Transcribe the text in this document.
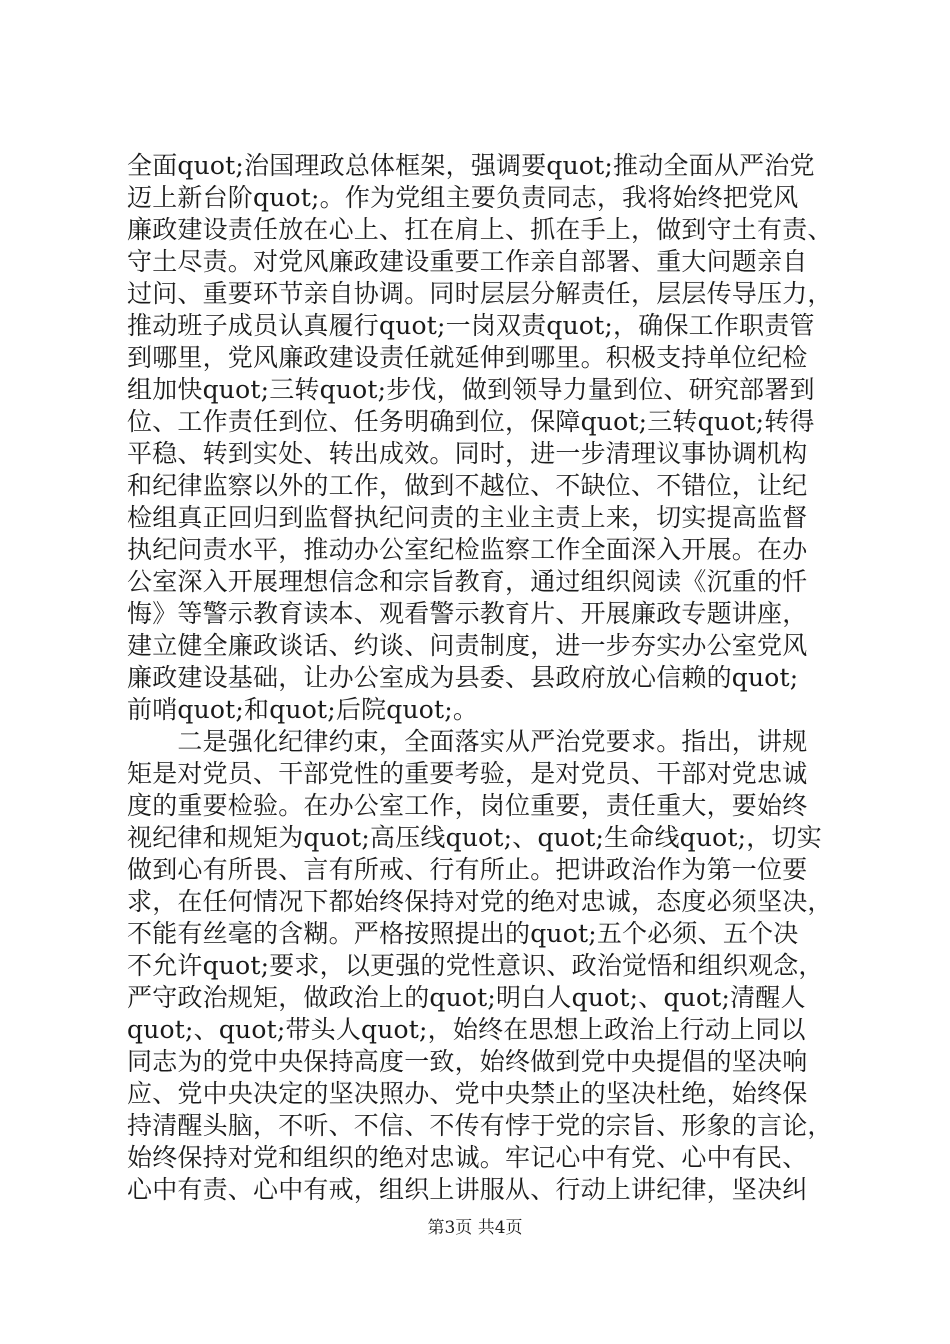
全面quot;治国理政总体框架，强调要quot;推动全面从严治党
迈上新台阶quot;。作为党组主要负责同志，我将始终把党风
廉政建设责任放在心上、扛在肩上、抓在手上，做到守土有责、
守土尽责。对党风廉政建设重要工作亲自部署、重大问题亲自
过问、重要环节亲自协调。同时层层分解责任，层层传导压力，
推动班子成员认真履行quot;一岗双责quot;，确保工作职责管
到哪里，党风廉政建设责任就延伸到哪里。积极支持单位纪检
组加快quot;三转quot;步伐，做到领导力量到位、研究部署到
位、工作责任到位、任务明确到位，保障quot;三转quot;转得
平稳、转到实处、转出成效。同时，进一步清理议事协调机构
和纪律监察以外的工作，做到不越位、不缺位、不错位，让纪
检组真正回归到监督执纪问责的主业主责上来，切实提高监督
执纪问责水平，推动办公室纪检监察工作全面深入开展。在办
公室深入开展理想信念和宗旨教育，通过组织阅读《沉重的忏
悔》等警示教育读本、观看警示教育片、开展廉政专题讲座，
建立健全廉政谈话、约谈、问责制度，进一步夯实办公室党风
廉政建设基础，让办公室成为县委、县政府放心信赖的quot;
前哨quot;和quot;后院quot;。
　　二是强化纪律约束，全面落实从严治党要求。指出，讲规
矩是对党员、干部党性的重要考验，是对党员、干部对党忠诚
度的重要检验。在办公室工作，岗位重要，责任重大，要始终
视纪律和规矩为quot;高压线quot;、quot;生命线quot;，切实
做到心有所畏、言有所戒、行有所止。把讲政治作为第一位要
求，在任何情况下都始终保持对党的绝对忠诚，态度必须坚决，
不能有丝毫的含糊。严格按照提出的quot;五个必须、五个决
不允许quot;要求，以更强的党性意识、政治觉悟和组织观念，
严守政治规矩，做政治上的quot;明白人quot;、quot;清醒人
quot;、quot;带头人quot;，始终在思想上政治上行动上同以
同志为的党中央保持高度一致，始终做到党中央提倡的坚决响
应、党中央决定的坚决照办、党中央禁止的坚决杜绝，始终保
持清醒头脑，不听、不信、不传有悖于党的宗旨、形象的言论，
始终保持对党和组织的绝对忠诚。牢记心中有党、心中有民、
心中有责、心中有戒，组织上讲服从、行动上讲纪律，坚决纠
第3页 共4页
